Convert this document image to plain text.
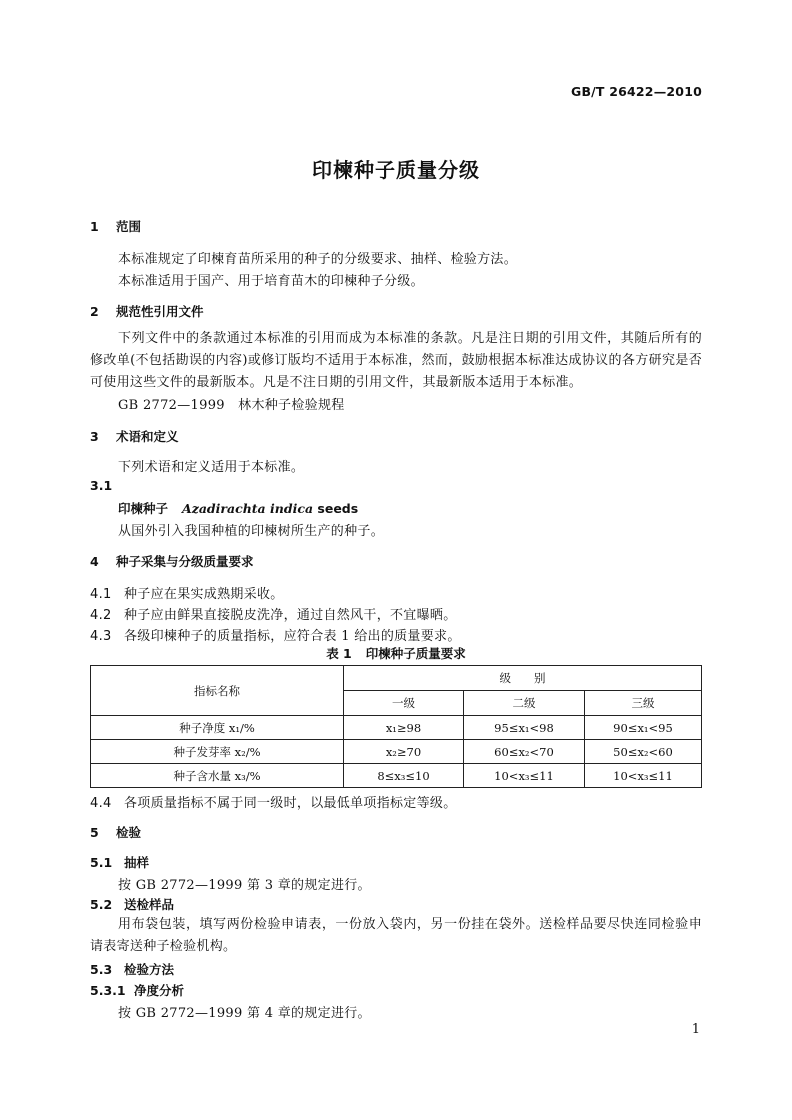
GB/T 26422—2010
印楝种子质量分级
1 范围
本标准规定了印楝育苗所采用的种子的分级要求、抽样、检验方法。
本标准适用于国产、用于培育苗木的印楝种子分级。
2 规范性引用文件
下列文件中的条款通过本标准的引用而成为本标准的条款。凡是注日期的引用文件，其随后所有的修改单(不包括勘误的内容)或修订版均不适用于本标准，然而，鼓励根据本标准达成协议的各方研究是否可使用这些文件的最新版本。凡是不注日期的引用文件，其最新版本适用于本标准。
GB 2772—1999　林木种子检验规程
3 术语和定义
下列术语和定义适用于本标准。
3.1
印楝种子 Azadirachta indica seeds
从国外引入我国种植的印楝树所生产的种子。
4 种子采集与分级质量要求
4.1 种子应在果实成熟期采收。
4.2 种子应由鲜果直接脱皮洗净，通过自然风干，不宜曝晒。
4.3 各级印楝种子的质量指标，应符合表 1 给出的质量要求。
表 1 印楝种子质量要求
指标名称	级　　别		
	一级	二级	三级
种子净度 x₁/%	x₁≥98	95≤x₁<98	90≤x₁<95
种子发芽率 x₂/%	x₂≥70	60≤x₂<70	50≤x₂<60
种子含水量 x₃/%	8≤x₃≤10	10<x₃≤11	10<x₃≤11
4.4 各项质量指标不属于同一级时，以最低单项指标定等级。
5 检验
5.1 抽样
按 GB 2772—1999 第 3 章的规定进行。
5.2 送检样品
用布袋包装，填写两份检验申请表，一份放入袋内，另一份挂在袋外。送检样品要尽快连同检验申请表寄送种子检验机构。
5.3 检验方法
5.3.1 净度分析
按 GB 2772—1999 第 4 章的规定进行。
1
